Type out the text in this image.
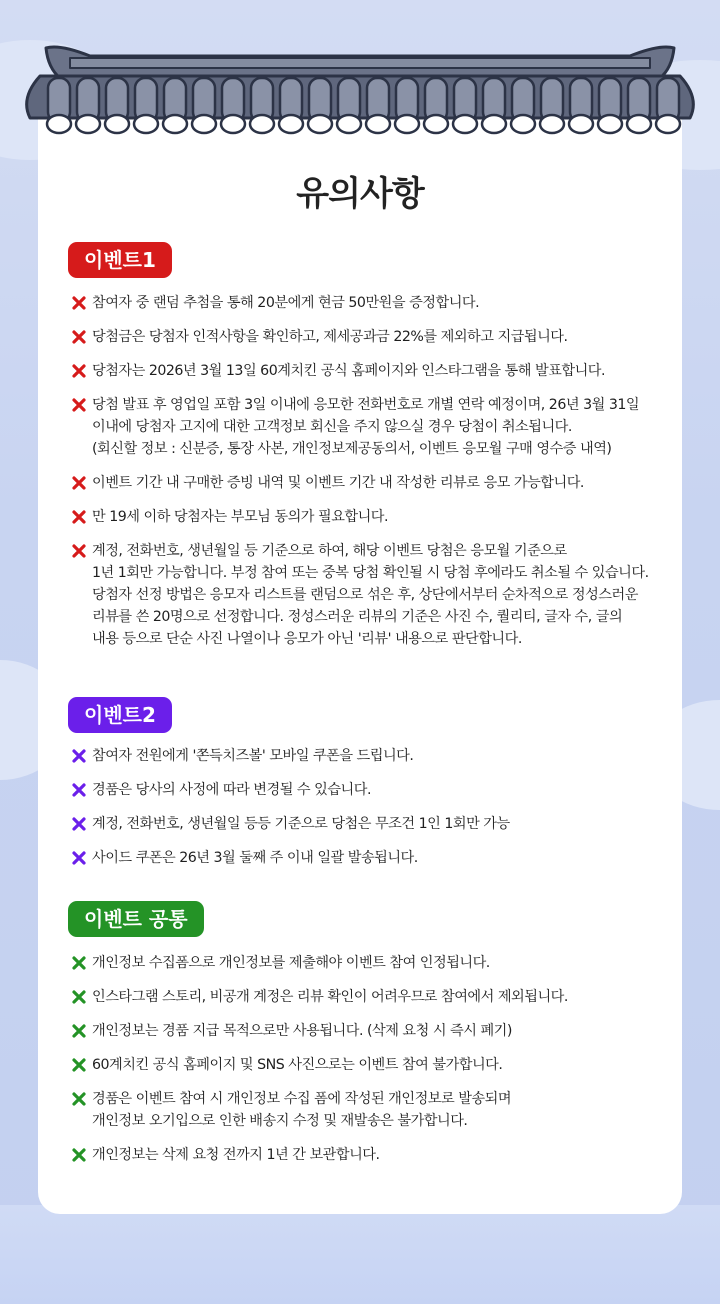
유의사항
이벤트1
참여자 중 랜덤 추첨을 통해 20분에게 현금 50만원을 증정합니다.
당첨금은 당첨자 인적사항을 확인하고, 제세공과금 22%를 제외하고 지급됩니다.
당첨자는 2026년 3월 13일 60계치킨 공식 홈페이지와 인스타그램을 통해 발표합니다.
당첨 발표 후 영업일 포함 3일 이내에 응모한 전화번호로 개별 연락 예정이며, 26년 3월 31일
이내에 당첨자 고지에 대한 고객정보 회신을 주지 않으실 경우 당첨이 취소됩니다.
(회신할 정보 : 신분증, 통장 사본, 개인정보제공동의서, 이벤트 응모월 구매 영수증 내역)
이벤트 기간 내 구매한 증빙 내역 및 이벤트 기간 내 작성한 리뷰로 응모 가능합니다.
만 19세 이하 당첨자는 부모님 동의가 필요합니다.
계정, 전화번호, 생년월일 등 기준으로 하여, 해당 이벤트 당첨은 응모월 기준으로
1년 1회만 가능합니다. 부정 참여 또는 중복 당첨 확인될 시 당첨 후에라도 취소될 수 있습니다.
당첨자 선정 방법은 응모자 리스트를 랜덤으로 섞은 후, 상단에서부터 순차적으로 정성스러운
리뷰를 쓴 20명으로 선정합니다. 정성스러운 리뷰의 기준은 사진 수, 퀄리티, 글자 수, 글의
내용 등으로 단순 사진 나열이나 응모가 아닌 '리뷰' 내용으로 판단합니다.
이벤트2
참여자 전원에게 '쫀득치즈볼' 모바일 쿠폰을 드립니다.
경품은 당사의 사정에 따라 변경될 수 있습니다.
계정, 전화번호, 생년월일 등등 기준으로 당첨은 무조건 1인 1회만 가능
사이드 쿠폰은 26년 3월 둘째 주 이내 일괄 발송됩니다.
이벤트 공통
개인정보 수집폼으로 개인정보를 제출해야 이벤트 참여 인정됩니다.
인스타그램 스토리, 비공개 계정은 리뷰 확인이 어려우므로 참여에서 제외됩니다.
개인정보는 경품 지급 목적으로만 사용됩니다. (삭제 요청 시 즉시 폐기)
60계치킨 공식 홈페이지 및 SNS 사진으로는 이벤트 참여 불가합니다.
경품은 이벤트 참여 시 개인정보 수집 폼에 작성된 개인정보로 발송되며
개인정보 오기입으로 인한 배송지 수정 및 재발송은 불가합니다.
개인정보는 삭제 요청 전까지 1년 간 보관합니다.
